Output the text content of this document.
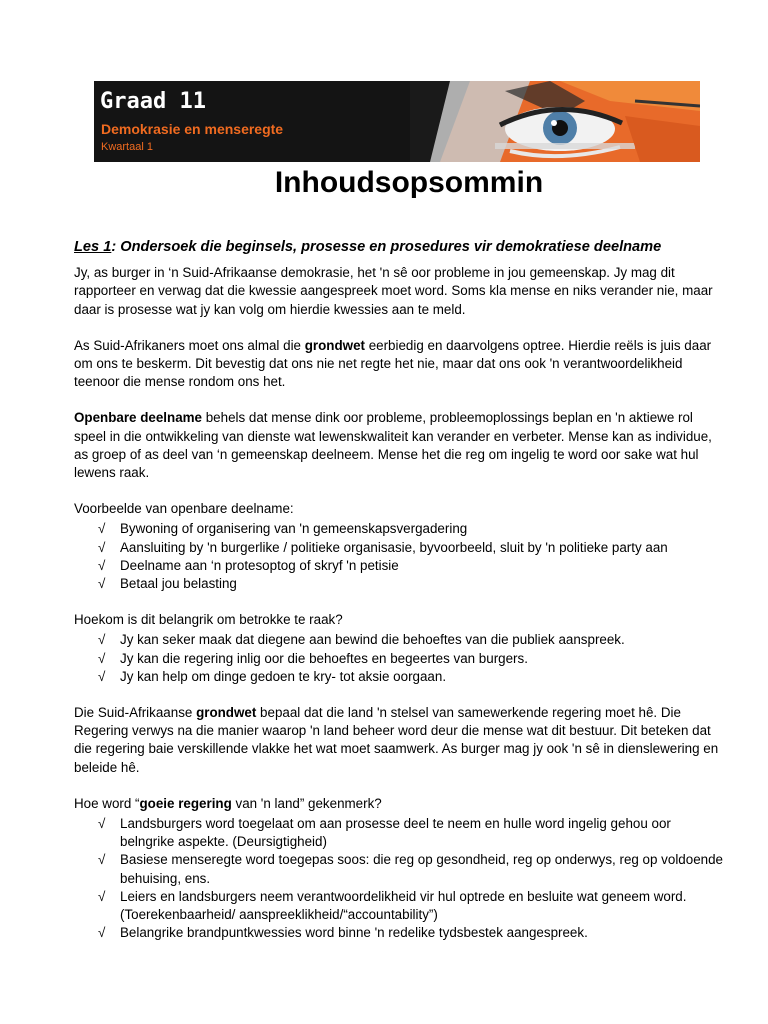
Graad 11
Demokrasie en menseregte
Kwartaal 1
Inhoudsopsommin
Les 1: Ondersoek die beginsels, prosesse en prosedures vir demokratiese deelname

Jy, as burger in ‘n Suid-Afrikaanse demokrasie, het 'n sê oor probleme in jou gemeenskap. Jy mag dit rapporteer en verwag dat die kwessie aangespreek moet word. Soms kla mense en niks verander nie, maar daar is prosesse wat jy kan volg om hierdie kwessies aan te meld.

As Suid-Afrikaners moet ons almal die grondwet eerbiedig en daarvolgens optree. Hierdie reëls is juis daar om ons te beskerm. Dit bevestig dat ons nie net regte het nie, maar dat ons ook 'n verantwoordelikheid teenoor die mense rondom ons het.

Openbare deelname behels dat mense dink oor probleme, probleemoplossings beplan en 'n aktiewe rol speel in die ontwikkeling van dienste wat lewenskwaliteit kan verander en verbeter. Mense kan as individue, as groep of as deel van ‘n gemeenskap deelneem. Mense het die reg om ingelig te word oor sake wat hul lewens raak.

Voorbeelde van openbare deelname:

√ Bywoning of organisering van 'n gemeenskapsvergadering
√ Aansluiting by 'n burgerlike / politieke organisasie, byvoorbeeld, sluit by 'n politieke party aan
√ Deelname aan ‘n protesoptog of skryf 'n petisie
√ Betaal jou belasting

Hoekom is dit belangrik om betrokke te raak?

√ Jy kan seker maak dat diegene aan bewind die behoeftes van die publiek aanspreek.
√ Jy kan die regering inlig oor die behoeftes en begeertes van burgers.
√ Jy kan help om dinge gedoen te kry- tot aksie oorgaan.

Die Suid-Afrikaanse grondwet bepaal dat die land 'n stelsel van samewerkende regering moet hê. Die Regering verwys na die manier waarop 'n land beheer word deur die mense wat dit bestuur. Dit beteken dat die regering baie verskillende vlakke het wat moet saamwerk. As burger mag jy ook 'n sê in dienslewering en beleide hê.

Hoe word “goeie regering van 'n land” gekenmerk?

√ Landsburgers word toegelaat om aan prosesse deel te neem en hulle word ingelig gehou oor belngrike aspekte. (Deursigtigheid)
√ Basiese menseregte word toegepas soos: die reg op gesondheid, reg op onderwys, reg op voldoende behuising, ens.
√ Leiers en landsburgers neem verantwoordelikheid vir hul optrede en besluite wat geneem word. (Toerekenbaarheid/ aanspreeklikheid/“accountability”)
√ Belangrike brandpuntkwessies word binne 'n redelike tydsbestek aangespreek.
